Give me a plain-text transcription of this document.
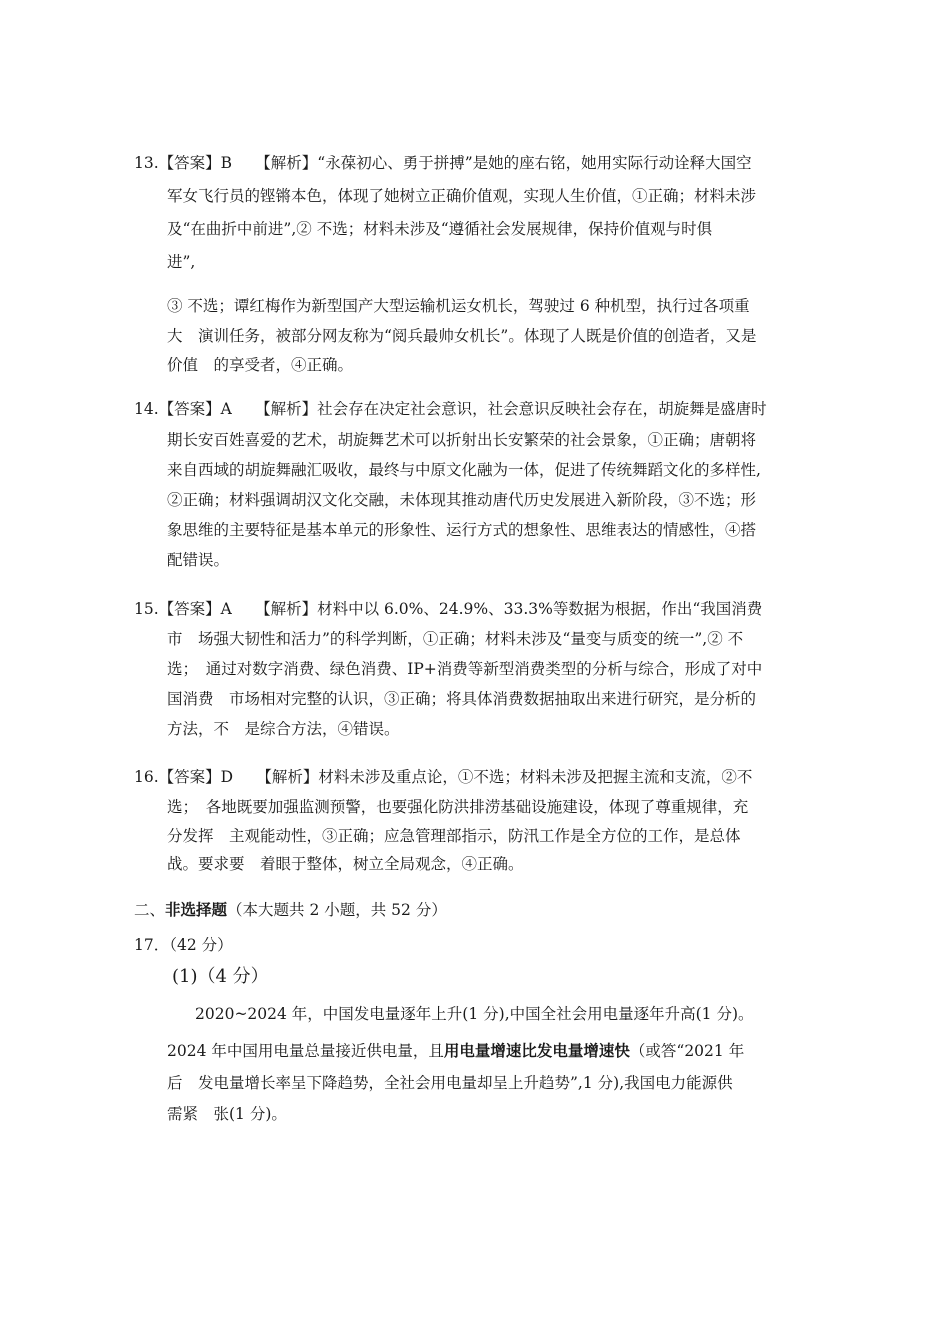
13.【答案】B　　【解析】“永葆初心、勇于拼搏”是她的座右铭，她用实际行动诠释大国空
军女飞行员的铿锵本色，体现了她树立正确价值观，实现人生价值，①正确；材料未涉
及“在曲折中前进”,② 不选；材料未涉及“遵循社会发展规律，保持价值观与时俱
进”,
③ 不选；谭红梅作为新型国产大型运输机运女机长，驾驶过 6 种机型，执行过各项重
大　演训任务，被部分网友称为“阅兵最帅女机长”。体现了人既是价值的创造者，又是
价值　的享受者，④正确。
14.【答案】A　　【解析】社会存在决定社会意识，社会意识反映社会存在，胡旋舞是盛唐时
期长安百姓喜爱的艺术，胡旋舞艺术可以折射出长安繁荣的社会景象，①正确；唐朝将
来自西域的胡旋舞融汇吸收，最终与中原文化融为一体，促进了传统舞蹈文化的多样性,
②正确；材料强调胡汉文化交融，未体现其推动唐代历史发展进入新阶段，③不选；形
象思维的主要特征是基本单元的形象性、运行方式的想象性、思维表达的情感性，④搭
配错误。
15.【答案】A　　【解析】材料中以 6.0%、24.9%、33.3%等数据为根据，作出“我国消费
市　场强大韧性和活力”的科学判断，①正确；材料未涉及“量变与质变的统一”,② 不
选；　通过对数字消费、绿色消费、IP+消费等新型消费类型的分析与综合，形成了对中
国消费　市场相对完整的认识，③正确；将具体消费数据抽取出来进行研究，是分析的
方法，不　是综合方法，④错误。
16.【答案】D　　【解析】材料未涉及重点论，①不选；材料未涉及把握主流和支流，②不
选；　各地既要加强监测预警，也要强化防洪排涝基础设施建设，体现了尊重规律，充
分发挥　主观能动性，③正确；应急管理部指示，防汛工作是全方位的工作，是总体
战。要求要　着眼于整体，树立全局观念，④正确。
二、非选择题（本大题共 2 小题，共 52 分）
17．（42 分）
(1)（4 分）
2020~2024 年，中国发电量逐年上升(1 分),中国全社会用电量逐年升高(1 分)。
2024 年中国用电量总量接近供电量，且用电量增速比发电量增速快（或答“2021 年
后　发电量增长率呈下降趋势，全社会用电量却呈上升趋势”,1 分),我国电力能源供
需紧　张(1 分)。
